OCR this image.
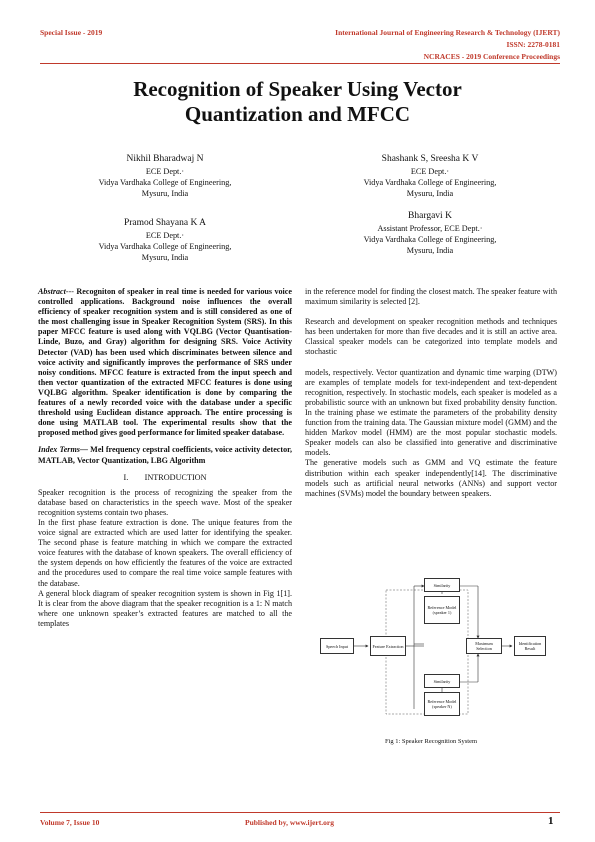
Special Issue - 2019	International Journal of Engineering Research & Technology (IJERT)
ISSN: 2278-0181
NCRACES - 2019 Conference Proceedings
Recognition of Speaker Using Vector Quantization and MFCC
Nikhil Bharadwaj N
ECE Dept.·
Vidya Vardhaka College of Engineering,
Mysuru, India
Shashank S, Sreesha K V
ECE Dept.·
Vidya Vardhaka College of Engineering,
Mysuru, India
Pramod Shayana K A
ECE Dept.·
Vidya Vardhaka College of Engineering,
Mysuru, India
Bhargavi K
Assistant Professor, ECE Dept.·
Vidya Vardhaka College of Engineering,
Mysuru, India

Abstract--- Recogniton of speaker in real time is needed for various voice controlled applications. Background noise influences the overall efficiency of speaker recognition system and is still considered as one of the most challenging issue in Speaker Recognition System (SRS). In this paper MFCC feature is used along with VQLBG (Vector Quantisation-Linde, Buzo, and Gray) algorithm for designing SRS. Voice Activity Detector (VAD) has been used which discriminates between silence and voice activity and significantly improves the performance of SRS under noisy conditions. MFCC feature is extracted from the input speech and then vector quantization of the extracted MFCC features is done using VQLBG algorithm. Speaker identification is done by comparing the features of a newly recorded voice with the database under a specific threshold using Euclidean distance approach. The entire processing is done using MATLAB tool. The experimental results show that the proposed method gives good performance for limited speaker database.

Index Terms— Mel frequency cepstral coefficients, voice activity detector, MATLAB, Vector Quantization, LBG Algorithm

I. INTRODUCTION

Speaker recognition is the process of recognizing the speaker from the database based on characteristics in the speech wave. Most of the speaker recognition systems contain two phases.

In the first phase feature extraction is done. The unique features from the voice signal are extracted which are used latter for identifying the speaker. The second phase is feature matching in which we compare the extracted voice features with the database of known speakers. The overall efficiency of the system depends on how efficiently the features of the voice are extracted and the procedures used to compare the real time voice sample features with the database.

A general block diagram of speaker recognition system is shown in Fig 1[1]. It is clear from the above diagram that the speaker recognition is a 1: N match where one unknown speaker’s extracted features are matched to all the templates

in the reference model for finding the closest match. The speaker feature with maximum similarity is selected [2].

Research and development on speaker recognition methods and techniques has been undertaken for more than five decades and it is still an active area. Classical speaker models can be categorized into template models and stochastic

models, respectively. Vector quantization and dynamic time warping (DTW) are examples of template models for text-independent and text-dependent recognition, respectively. In stochastic models, each speaker is modeled as a probabilistic source with an unknown but fixed probability density function. In the training phase we estimate the parameters of the probability density function from the training data. The Gaussian mixture model (GMM) and the hidden Markov model (HMM) are the most popular stochastic models. Speaker models can also be classified into generative and discriminative models.

The generative models such as GMM and VQ estimate the feature distribution within each speaker independently[14]. The discriminative models such as artificial neural networks (ANNs) and support vector machines (SVMs) model the boundary between speakers.

Similarity
Reference Model (speaker 1)
Speech Input	Feature Extraction	Maximum Selection
Identification Result
Similarity
Reference Model (speaker N)
Fig 1: Speaker Recognition System
Volume 7, Issue 10	Published by, www.ijert.org	1
